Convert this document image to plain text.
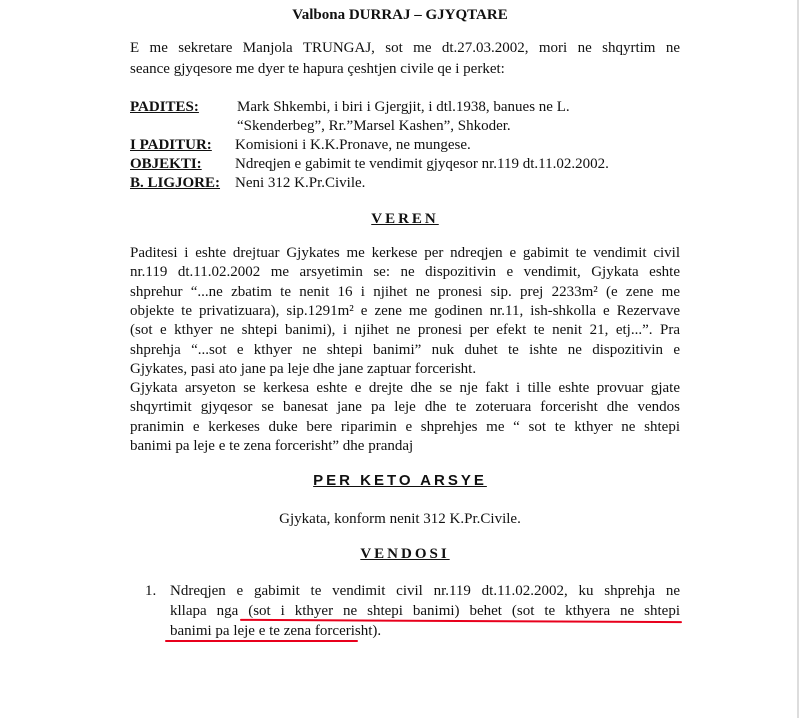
Valbona DURRAJ – GJYQTARE
E me sekretare Manjola TRUNGAJ, sot me dt.27.03.2002, mori ne shqyrtim ne
seance gjyqesore me dyer te hapura çeshtjen civile qe i perket:
PADITES:	Mark Shkembi, i biri i Gjergjit, i dtl.1938, banues ne L.
“Skenderbeg”, Rr.”Marsel Kashen”, Shkoder.
I PADITUR: Komisioni i K.K.Pronave, ne mungese.
OBJEKTI: Ndreqjen e gabimit te vendimit gjyqesor nr.119 dt.11.02.2002.
B. LIGJORE: Neni 312 K.Pr.Civile.
VEREN
Paditesi i eshte drejtuar Gjykates me kerkese per ndreqjen e gabimit te vendimit civil
nr.119 dt.11.02.2002 me arsyetimin se: ne dispozitivin e vendimit, Gjykata eshte
shprehur “...ne zbatim te nenit 16 i njihet ne pronesi sip. prej 2233m² (e zene me
objekte te privatizuara), sip.1291m² e zene me godinen nr.11, ish-shkolla e Rezervave
(sot e kthyer ne shtepi banimi), i njihet ne pronesi per efekt te nenit 21, etj...”. Pra
shprehja “...sot e kthyer ne shtepi banimi” nuk duhet te ishte ne dispozitivin e
Gjykates, pasi ato jane pa leje dhe jane zaptuar forcerisht.
Gjykata arsyeton se kerkesa eshte e drejte dhe se nje fakt i tille eshte provuar gjate
shqyrtimit gjyqesor se banesat jane pa leje dhe te zoteruara forcerisht dhe vendos
pranimin e kerkeses duke bere riparimin e shprehjes me “ sot te kthyer ne shtepi
banimi pa leje e te zena forcerisht” dhe prandaj
PER KETO ARSYE
Gjykata, konform nenit 312 K.Pr.Civile.
VENDOSI
1. Ndreqjen e gabimit te vendimit civil nr.119 dt.11.02.2002, ku shprehja ne
kllapa nga (sot i kthyer ne shtepi banimi) behet (sot te kthyera ne shtepi
banimi pa leje e te zena forcerisht).
